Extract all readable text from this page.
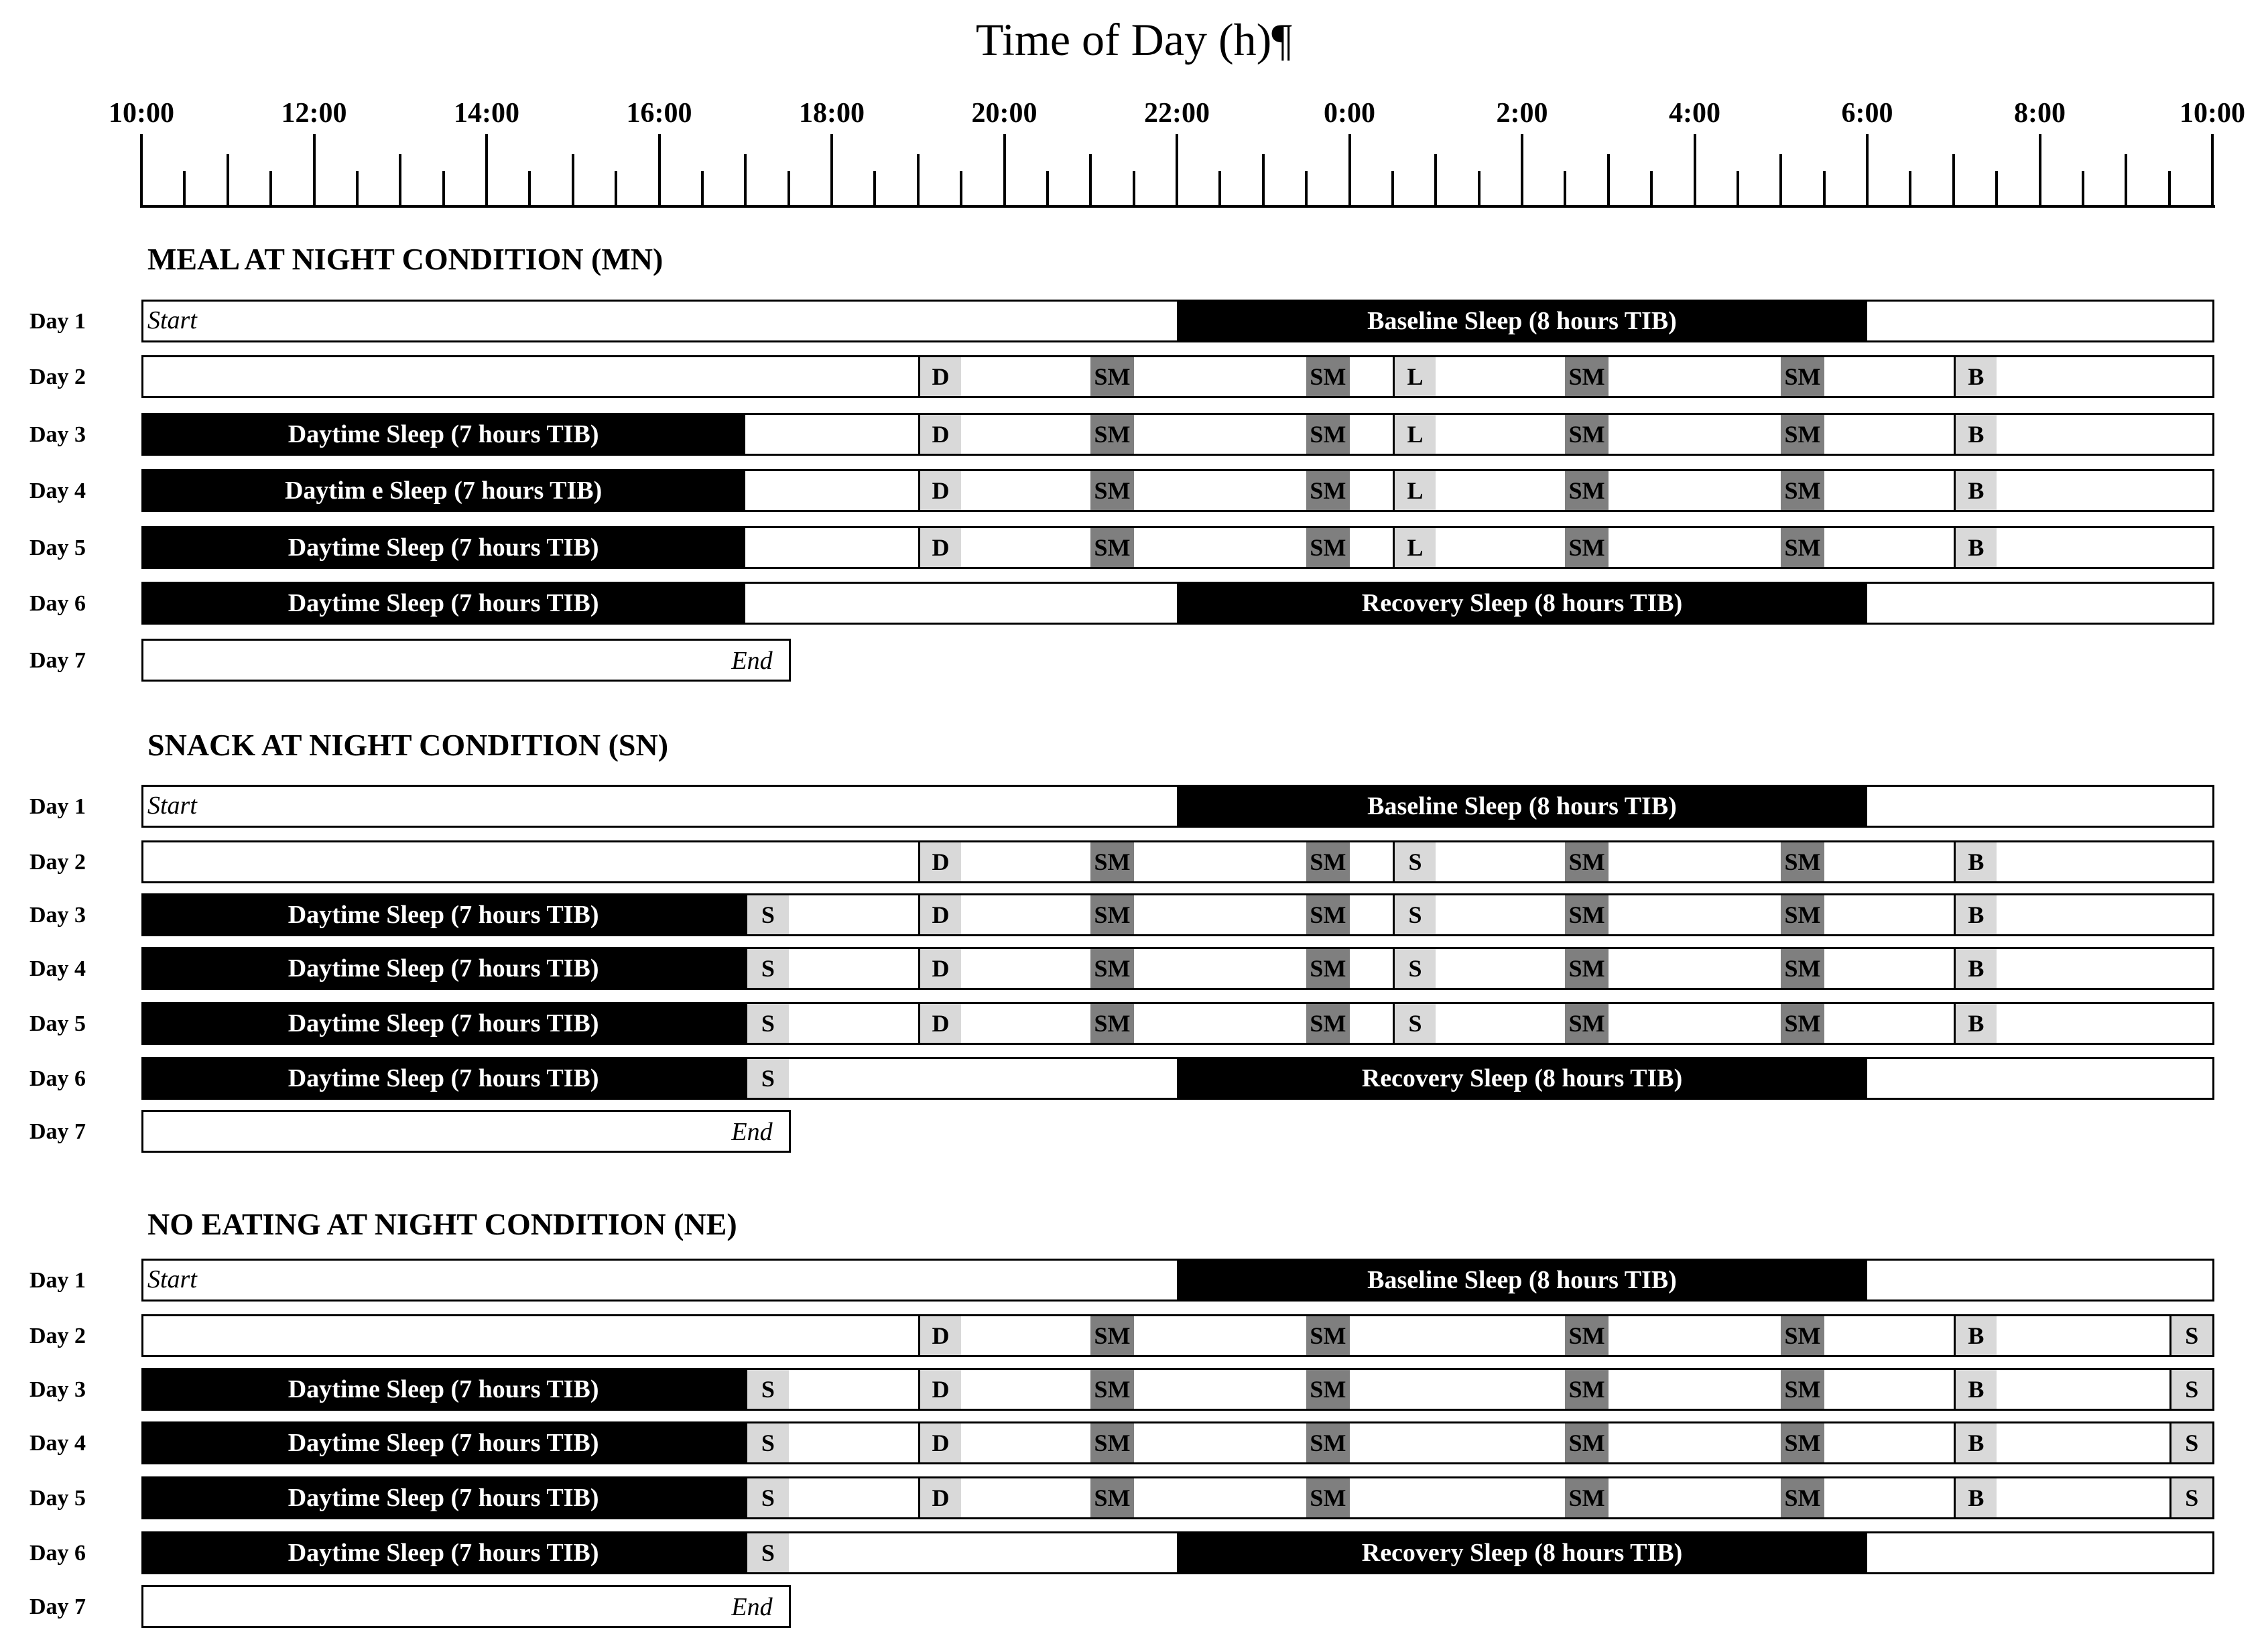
Time of Day (h)¶
10:00	12:00	14:00	16:00	18:00	20:00	22:00	0:00	2:00	4:00	6:00	8:00	10:00
MEAL AT NIGHT CONDITION (MN)
Day 1 Start	Baseline Sleep (8 hours TIB)
Day 2	D	SM	SM	L	SM	SM	B
Day 3	Daytime Sleep (7 hours TIB)	D	SM	SM	L	SM	SM	B
Day 4	Daytim e Sleep (7 hours TIB)	D	SM	SM	L	SM	SM	B
Day 5	Daytime Sleep (7 hours TIB)	D	SM	SM	L	SM	SM	B
Day 6	Daytime Sleep (7 hours TIB)	Recovery Sleep (8 hours TIB)
Day 7	End
SNACK AT NIGHT CONDITION (SN)
Day 1 Start	Baseline Sleep (8 hours TIB)
Day 2	D	SM	SM	S	SM	SM	B
Day 3	Daytime Sleep (7 hours TIB)	S	D	SM	SM	S	SM	SM	B
Day 4	Daytime Sleep (7 hours TIB)	S	D	SM	SM	S	SM	SM	B
Day 5	Daytime Sleep (7 hours TIB)	S	D	SM	SM	S	SM	SM	B
Day 6	Daytime Sleep (7 hours TIB)	S	Recovery Sleep (8 hours TIB)
Day 7	End
NO EATING AT NIGHT CONDITION (NE)
Day 1 Start	Baseline Sleep (8 hours TIB)
Day 2	D	SM	SM	SM	SM	B	S
Day 3	Daytime Sleep (7 hours TIB)	S	D	SM	SM	SM	SM	B	S
Day 4	Daytime Sleep (7 hours TIB)	S	D	SM	SM	SM	SM	B	S
Day 5	Daytime Sleep (7 hours TIB)	S	D	SM	SM	SM	SM	B	S
Day 6	Daytime Sleep (7 hours TIB)	S	Recovery Sleep (8 hours TIB)
Day 7	End
